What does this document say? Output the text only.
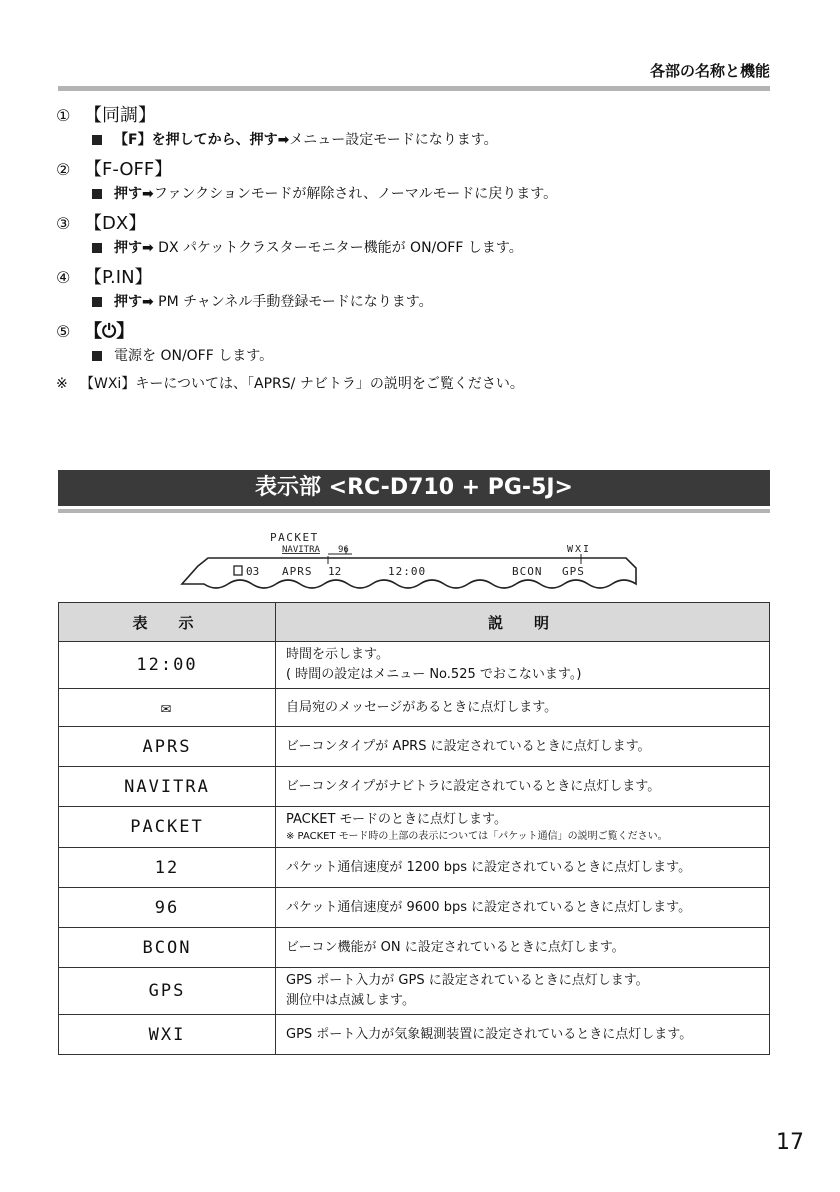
各部の名称と機能
① 【同調】
【F】を押してから、押す➡メニュー設定モードになります。
② 【F-OFF】
押す➡ファンクションモードが解除され、ノーマルモードに戻ります。
③ 【DX】
押す➡ DX パケットクラスターモニター機能が ON/OFF します。
④ 【P.IN】
押す➡ PM チャンネル手動登録モードになります。
⑤ 【⏻】
電源を ON/OFF します。
※ 【WXi】キーについては、「APRS/ ナビトラ」の説明をご覧ください。
表示部 <RC-D710 + PG-5J>
PACKET
NAVITRA 96	WXI
03 APRS 12	12:00	BCON GPS
表　示	説　明
12:00	時間を示します。
( 時間の設定はメニュー No.525 でおこないます。)

✉	自局宛のメッセージがあるときに点灯します。
APRS	ビーコンタイプが APRS に設定されているときに点灯します。
NAVITRA	ビーコンタイプがナビトラに設定されているときに点灯します。
PACKET	PACKET モードのときに点灯します。
※ PACKET モード時の上部の表示については「パケット通信」の説明ご覧ください。

12	パケット通信速度が 1200 bps に設定されているときに点灯します。
96	パケット通信速度が 9600 bps に設定されているときに点灯します。
BCON	ビーコン機能が ON に設定されているときに点灯します。
GPS	GPS ポート入力が GPS に設定されているときに点灯します。
測位中は点滅します。

WXI	GPS ポート入力が気象観測装置に設定されているときに点灯します。
17
